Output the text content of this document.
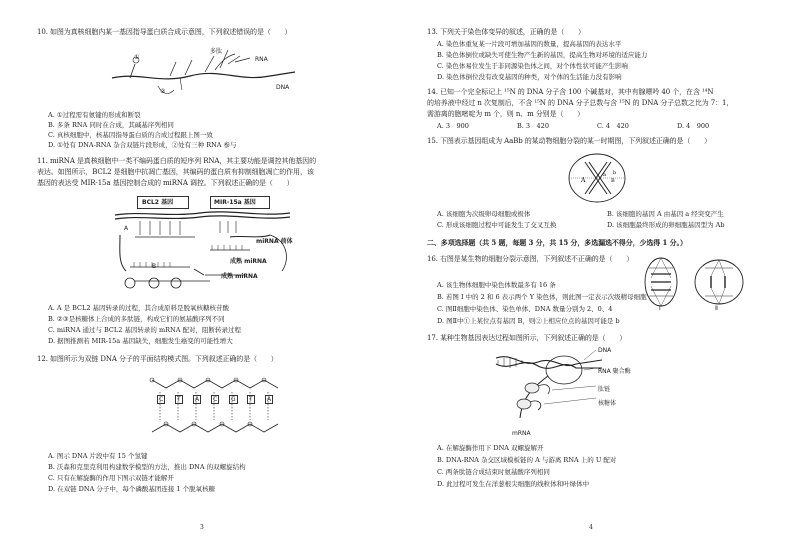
10. 如图为真核细胞内某一基因指导蛋白质合成示意图，下列叙述错误的是（　　）
①
②
多肽
RNA
DNA
A. ①过程需有氨键的形成和断裂
B. 多条 RNA 同时在合成，其碱基序列相同
C. 真核细胞中，核基因指导蛋白质的合成过程跟上图一致
D. ①处有 DNA-RNA 杂合双链片段形成，②处有三种 RNA 参与
11. miRNA 是真核细胞中一类不编码蛋白质的短序列 RNA，其主要功能是调控其他基因的
表达。如图所示，BCL2 是细胞中抗凋亡基因，其编码的蛋白质有抑制细胞凋亡的作用，该
基因的表达受 MIR-15a 基因控制合成的 miRNA 调控。下列叙述正确的是（　　）
BCL2 基因	MIR-15a 基因
A
miRNA 前体
B
成熟 miRNA
成熟 miRNA
A. A 是 BCL2 基因转录的过程，其合成原料是脱氧核糖核苷酸
B. ②③是核糖体上合成的多肽链，构成它们的氨基酸序列不同
C. miRNA 通过与 BCL2 基因转录的 mRNA 配对，阻断转录过程
D. 据图推测若 MIR-15a 基因缺失，细胞发生癌变的可能性增大
12. 如图所示为双链 DNA 分子的平面结构模式图。下列叙述正确的是（　　）
C	T	A	C	G	T	A
A. 图示 DNA 片段中有 15 个氢键
B. 沃森和克里克利用构建数学模型的方法，推出 DNA 的双螺旋结构
C. 只有在解旋酶的作用下图示双链才能解开
D. 在双链 DNA 分子中，每个磷酸基团连接 1 个脱氧核糖
3
13. 下列关于染色体变异的叙述，正确的是（　　）
A. 染色体重复某一片段可增加基因的数量，提高基因的表达水平
B. 染色体倒位或缺失可使生物产生新的基因，提高生物对环境的适应能力
C. 染色体易位发生于非同源染色体之间，对个体性状可能产生影响
D. 染色体倒位没有改变基因的种类，对个体的生活能力没有影响
14. 已知一个完全标记上 ¹⁵N 的 DNA 分子含 100 个碱基对，其中有腺嘌呤 40 个，在含 ¹⁴N
的培养液中经过 n 次复制后，不含 ¹⁵N 的 DNA 分子总数与含 ¹⁵N 的 DNA 分子总数之比为 7：1，
需游离的胞嘧啶为 m 个，则 n、m 分别是（　　）
A. 3　900	B. 3　420	C. 4　420	D. 4　900
15. 下图表示基因组成为 AaBb 的某动物细胞分裂的某一时期图，下列叙述正确的是（　　）
A
a
B
b
A. 该细胞为次级卵母细胞或极体	B. 该细胞的基因 A 由基因 a 经突变产生
C. 形成该细胞过程中可能发生了交叉互换	D. 该细胞最终形成的卵细胞基因型为 Ab
二、多项选择题（共 5 题，每题 3 分，共 15 分，多选漏选不得分，少选得 1 分。）
16. 右图是某生物的细胞分裂示意图，下列叙述不正确的是（　　）
Ⅰ	Ⅱ
A. 该生物体细胞中染色体数最多有 16 条
B. 若图 I 中的 2 和 6 表示两个 Y 染色体，则此图一定表示次级精母细胞
C. 图Ⅱ细胞中染色体、染色单体、DNA 数量分别为 2、0、4
D. 图Ⅱ中①上某位点有基因 B，则②上相应位点的基因可能是 b
17. 某种生物基因表达过程如图所示，下列叙述正确的是（　　）
DNA
RNA 聚合酶
肽链
核糖体
mRNA
A. 在解旋酶作用下 DNA 双螺旋解开
B. DNA-RNA 杂交区域模板链的 A 与游离 RNA 上的 U 配对
C. 两条肽链合成结束时氨基酸序列相同
D. 此过程可发生在洋葱根尖细胞的线粒体和叶绿体中
4
